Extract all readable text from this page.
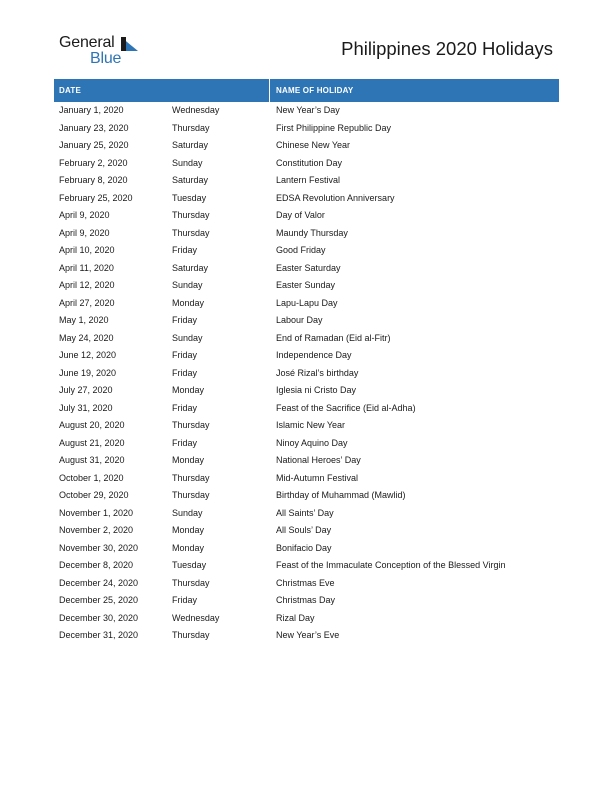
General
Blue	Philippines 2020 Holidays
DATE	NAME OF HOLIDAY
January 1, 2020	Wednesday	New Year’s Day
January 23, 2020	Thursday	First Philippine Republic Day
January 25, 2020	Saturday	Chinese New Year
February 2, 2020	Sunday	Constitution Day
February 8, 2020	Saturday	Lantern Festival
February 25, 2020	Tuesday	EDSA Revolution Anniversary
April 9, 2020	Thursday	Day of Valor
April 9, 2020	Thursday	Maundy Thursday
April 10, 2020	Friday	Good Friday
April 11, 2020	Saturday	Easter Saturday
April 12, 2020	Sunday	Easter Sunday
April 27, 2020	Monday	Lapu-Lapu Day
May 1, 2020	Friday	Labour Day
May 24, 2020	Sunday	End of Ramadan (Eid al-Fitr)
June 12, 2020	Friday	Independence Day
June 19, 2020	Friday	José Rizal’s birthday
July 27, 2020	Monday	Iglesia ni Cristo Day
July 31, 2020	Friday	Feast of the Sacrifice (Eid al-Adha)
August 20, 2020	Thursday	Islamic New Year
August 21, 2020	Friday	Ninoy Aquino Day
August 31, 2020	Monday	National Heroes’ Day
October 1, 2020	Thursday	Mid-Autumn Festival
October 29, 2020	Thursday	Birthday of Muhammad (Mawlid)
November 1, 2020	Sunday	All Saints’ Day
November 2, 2020	Monday	All Souls’ Day
November 30, 2020	Monday	Bonifacio Day
December 8, 2020	Tuesday	Feast of the Immaculate Conception of the Blessed Virgin
December 24, 2020	Thursday	Christmas Eve
December 25, 2020	Friday	Christmas Day
December 30, 2020	Wednesday	Rizal Day
December 31, 2020	Thursday	New Year’s Eve
